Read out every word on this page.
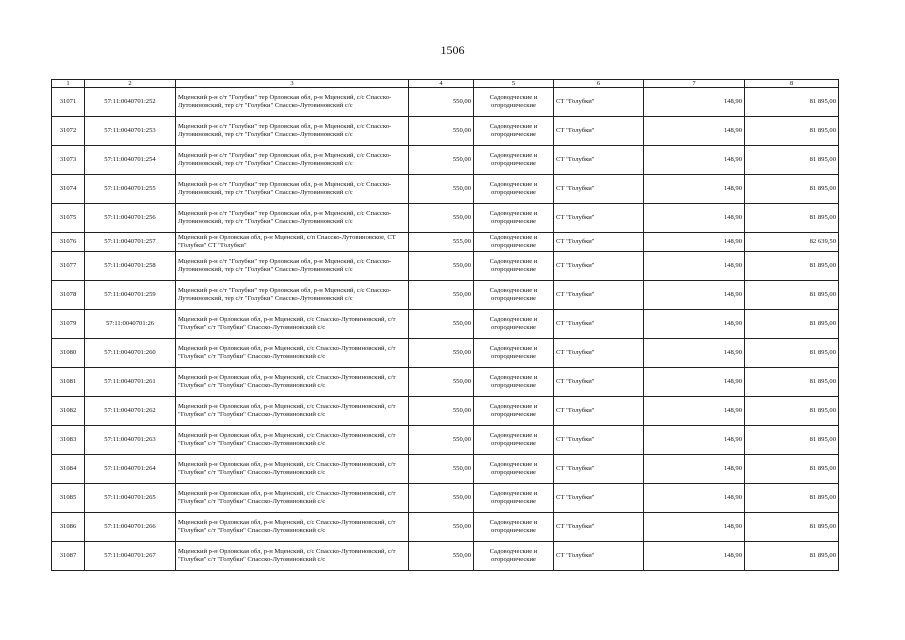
1506
1	2	3	4	5	6	7	8
31071	57:11:0040701:252	Мценский р-н с/т "Голубки" тер Орловская обл, р-н Мценский, с/с Спасско-Лутовиновский, тер с/т "Голубки" Спасско-Лутовиновский с/с	550,00	Садоводческие и огороднические	СТ "Голубки"	148,90	81 895,00
31072	57:11:0040701:253	Мценский р-н с/т "Голубки" тер Орловская обл, р-н Мценский, с/с Спасско-Лутовиновский, тер с/т "Голубки" Спасско-Лутовиновский с/с	550,00	Садоводческие и огороднические	СТ "Голубки"	148,90	81 895,00
31073	57:11:0040701:254	Мценский р-н с/т "Голубки" тер Орловская обл, р-н Мценский, с/с Спасско-Лутовиновский, тер с/т "Голубки" Спасско-Лутовиновский с/с	550,00	Садоводческие и огороднические	СТ "Голубки"	148,90	81 895,00
31074	57:11:0040701:255	Мценский р-н с/т "Голубки" тер Орловская обл, р-н Мценский, с/с Спасско-Лутовиновский, тер с/т "Голубки" Спасско-Лутовиновский с/с	550,00	Садоводческие и огороднические	СТ "Голубки"	148,90	81 895,00
31075	57:11:0040701:256	Мценский р-н с/т "Голубки" тер Орловская обл, р-н Мценский, с/с Спасско-Лутовиновский, тер с/т "Голубки" Спасско-Лутовиновский с/с	550,00	Садоводческие и огороднические	СТ "Голубки"	148,90	81 895,00
31076	57:11:0040701:257	Мценский р-н Орловская обл, р-н Мценский, с/п Спасско-Лутовиновское, СТ "Голубки" СТ "Голубки"	555,00	Садоводческие и огороднические	СТ "Голубки"	148,90	82 639,50
31077	57:11:0040701:258	Мценский р-н с/т "Голубки" тер Орловская обл, р-н Мценский, с/с Спасско-Лутовиновский, тер с/т "Голубки" Спасско-Лутовиновский с/с	550,00	Садоводческие и огороднические	СТ "Голубки"	148,90	81 895,00
31078	57:11:0040701:259	Мценский р-н с/т "Голубки" тер Орловская обл, р-н Мценский, с/с Спасско-Лутовиновский, тер с/т "Голубки" Спасско-Лутовиновский с/с	550,00	Садоводческие и огороднические	СТ "Голубки"	148,90	81 895,00
31079	57:11:0040701:26	Мценский р-н Орловская обл, р-н Мценский, с/с Спасско-Лутовиновский, с/т "Голубки" с/т "Голубки" Спасско-Лутовиновский с/с	550,00	Садоводческие и огороднические	СТ "Голубки"	148,90	81 895,00
31080	57:11:0040701:260	Мценский р-н Орловская обл, р-н Мценский, с/с Спасско-Лутовиновский, с/т "Голубки" с/т "Голубки" Спасско-Лутовиновский с/с	550,00	Садоводческие и огороднические	СТ "Голубки"	148,90	81 895,00
31081	57:11:0040701:261	Мценский р-н Орловская обл, р-н Мценский, с/с Спасско-Лутовиновский, с/т "Голубки" с/т "Голубки" Спасско-Лутовиновский с/с	550,00	Садоводческие и огороднические	СТ "Голубки"	148,90	81 895,00
31082	57:11:0040701:262	Мценский р-н Орловская обл, р-н Мценский, с/с Спасско-Лутовиновский, с/т "Голубки" с/т "Голубки" Спасско-Лутовиновский с/с	550,00	Садоводческие и огороднические	СТ "Голубки"	148,90	81 895,00
31083	57:11:0040701:263	Мценский р-н Орловская обл, р-н Мценский, с/с Спасско-Лутовиновский, с/т "Голубки" с/т "Голубки" Спасско-Лутовиновский с/с	550,00	Садоводческие и огороднические	СТ "Голубки"	148,90	81 895,00
31084	57:11:0040701:264	Мценский р-н Орловская обл, р-н Мценский, с/с Спасско-Лутовиновский, с/т "Голубки" с/т "Голубки" Спасско-Лутовиновский с/с	550,00	Садоводческие и огороднические	СТ "Голубки"	148,90	81 895,00
31085	57:11:0040701:265	Мценский р-н Орловская обл, р-н Мценский, с/с Спасско-Лутовиновский, с/т "Голубки" с/т "Голубки" Спасско-Лутовиновский с/с	550,00	Садоводческие и огороднические	СТ "Голубки"	148,90	81 895,00
31086	57:11:0040701:266	Мценский р-н Орловская обл, р-н Мценский, с/с Спасско-Лутовиновский, с/т "Голубки" с/т "Голубки" Спасско-Лутовиновский с/с	550,00	Садоводческие и огороднические	СТ "Голубки"	148,90	81 895,00
31087	57:11:0040701:267	Мценский р-н Орловская обл, р-н Мценский, с/с Спасско-Лутовиновский, с/т "Голубки" с/т "Голубки" Спасско-Лутовиновский с/с	550,00	Садоводческие и огороднические	СТ "Голубки"	148,90	81 895,00
